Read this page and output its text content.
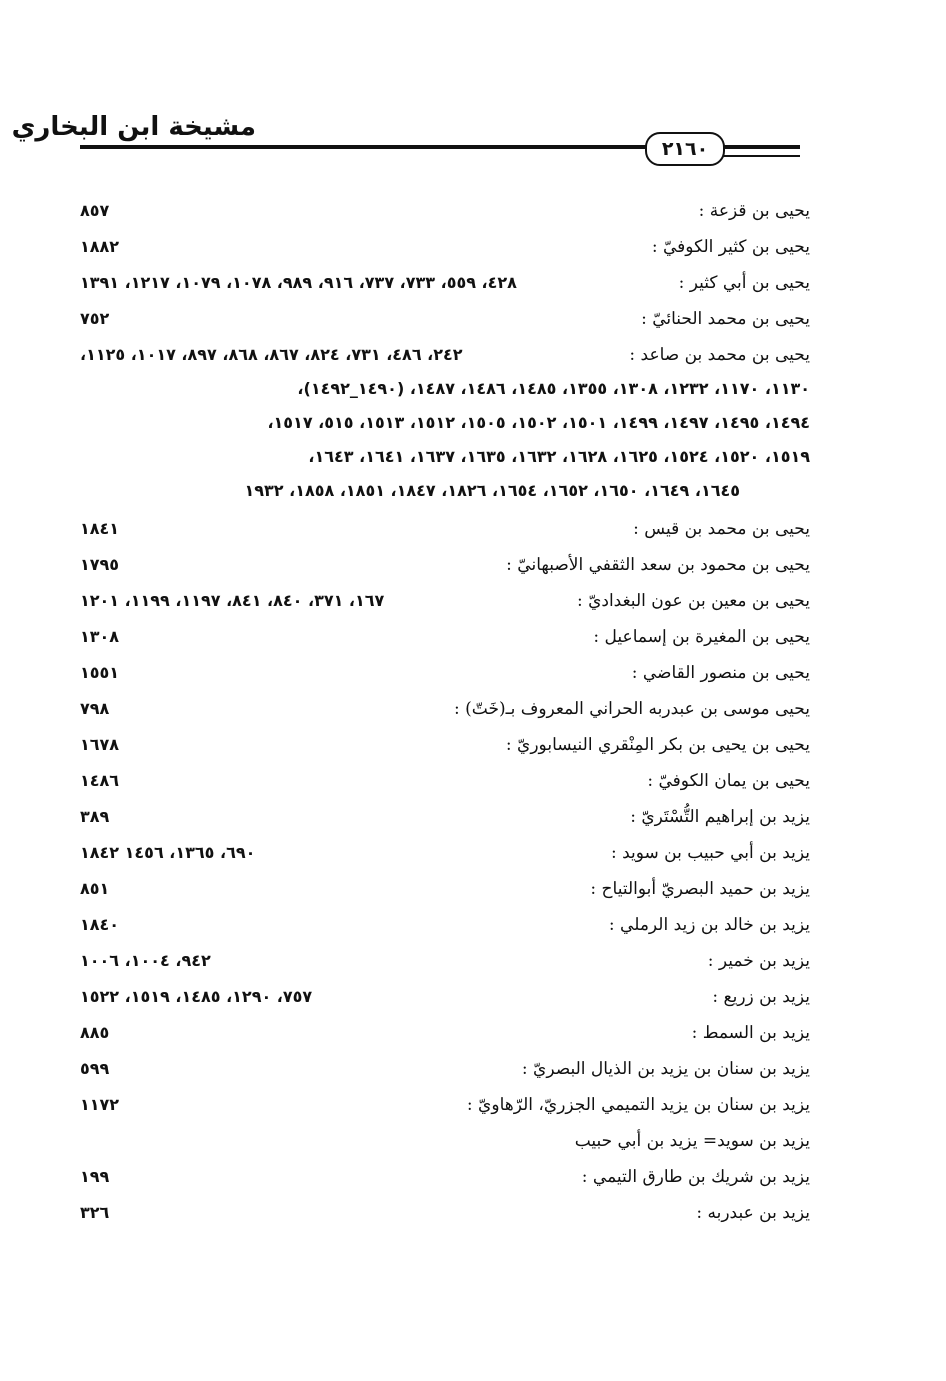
مشيخة ابن البخاري
٢١٦٠
يحيى بن قزعة :
٨٥٧
يحيى بن كثير الكوفيّ :
١٨٨٢
يحيى بن أبي كثير :
٤٢٨، ٥٥٩، ٧٣٣، ٧٣٧، ٩١٦، ٩٨٩، ١٠٧٨، ١٠٧٩، ١٢١٧، ١٣٩١
يحيى بن محمد الحنائيّ :
٧٥٢
يحيى بن محمد بن صاعد :
٢٤٢، ٤٨٦، ٧٣١، ٨٢٤، ٨٦٧، ٨٦٨، ٨٩٧، ١٠١٧، ١١٢٥،
١١٣٠، ١١٧٠، ١٢٣٢، ١٣٠٨، ١٣٥٥، ١٤٨٥، ١٤٨٦، ١٤٨٧، (١٤٩٠_١٤٩٢)،
١٤٩٤، ١٤٩٥، ١٤٩٧، ١٤٩٩، ١٥٠١، ١٥٠٢، ١٥٠٥، ١٥١٢، ١٥١٣، ٥١٥، ١٥١٧،
١٥١٩، ١٥٢٠، ١٥٢٤، ١٦٢٥، ١٦٢٨، ١٦٣٢، ١٦٣٥، ١٦٣٧، ١٦٤١، ١٦٤٣،
١٦٤٥، ١٦٤٩، ١٦٥٠، ١٦٥٢، ١٦٥٤، ١٨٢٦، ١٨٤٧، ١٨٥١، ١٨٥٨، ١٩٣٢
يحيى بن محمد بن قيس :
١٨٤١
يحيى بن محمود بن سعد الثقفي الأصبهانيّ :
١٧٩٥
يحيى بن معين بن عون البغداديّ :
١٦٧، ٣٧١، ٨٤٠، ٨٤١، ١١٩٧، ١١٩٩، ١٢٠١
يحيى بن المغيرة بن إسماعيل :
١٣٠٨
يحيى بن منصور القاضي :
١٥٥١
يحيى موسى بن عبدربه الحراني المعروف بـ(خَتّ) :
٧٩٨
يحيى بن يحيى بن بكر المِنْقري النيسابوريّ :
١٦٧٨
يحيى بن يمان الكوفيّ :
١٤٨٦
يزيد بن إبراهيم التُّسْتَريّ :
٣٨٩
يزيد بن أبي حبيب بن سويد :
٦٩٠، ١٣٦٥، ١٤٥٦ ١٨٤٢
يزيد بن حميد البصريّ أبوالتياح :
٨٥١
يزيد بن خالد بن زيد الرملي :
١٨٤٠
يزيد بن خمير :
٩٤٢، ١٠٠٤، ١٠٠٦
يزيد بن زريع :
٧٥٧، ١٢٩٠، ١٤٨٥، ١٥١٩، ١٥٢٢
يزيد بن السمط :
٨٨٥
يزيد بن سنان بن يزيد بن الذيال البصريّ :
٥٩٩
يزيد بن سنان بن يزيد التميمي الجزريّ، الرّهاويّ :
١١٧٢
يزيد بن سويد= يزيد بن أبي حبيب
يزيد بن شريك بن طارق التيمي :
١٩٩
يزيد بن عبدربه :
٣٢٦
